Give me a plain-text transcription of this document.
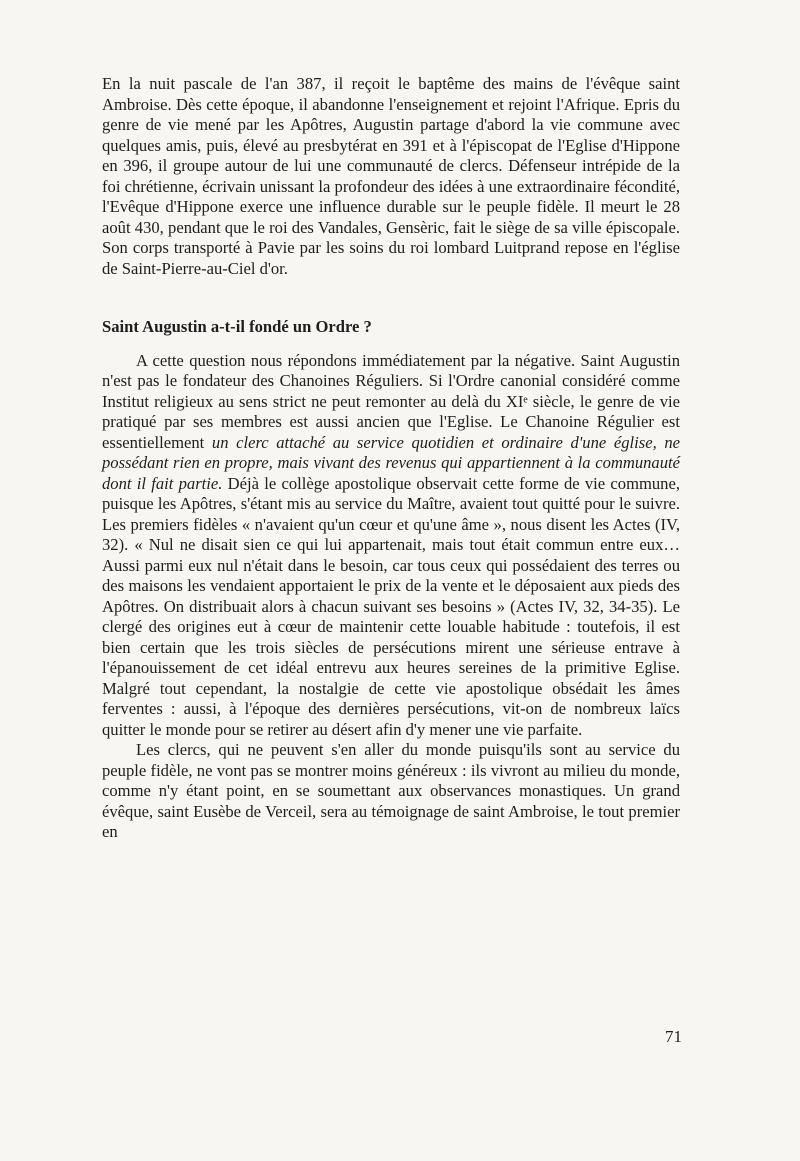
En la nuit pascale de l'an 387, il reçoit le baptême des mains de l'évêque saint Ambroise. Dès cette époque, il abandonne l'enseignement et rejoint l'Afrique. Epris du genre de vie mené par les Apôtres, Augustin partage d'abord la vie commune avec quelques amis, puis, élevé au presbytérat en 391 et à l'épiscopat de l'Eglise d'Hippone en 396, il groupe autour de lui une communauté de clercs. Défenseur intrépide de la foi chrétienne, écrivain unissant la profondeur des idées à une extraordinaire fécondité, l'Evêque d'Hippone exerce une influence durable sur le peuple fidèle. Il meurt le 28 août 430, pendant que le roi des Vandales, Gensèric, fait le siège de sa ville épiscopale. Son corps transporté à Pavie par les soins du roi lombard Luitprand repose en l'église de Saint-Pierre-au-Ciel d'or.

Saint Augustin a-t-il fondé un Ordre ?

A cette question nous répondons immédiatement par la négative. Saint Augustin n'est pas le fondateur des Chanoines Réguliers. Si l'Ordre canonial considéré comme Institut religieux au sens strict ne peut remonter au delà du XIᵉ siècle, le genre de vie pratiqué par ses membres est aussi ancien que l'Eglise. Le Chanoine Régulier est essentiellement un clerc attaché au service quotidien et ordinaire d'une église, ne possédant rien en propre, mais vivant des revenus qui appartiennent à la communauté dont il fait partie. Déjà le collège apostolique observait cette forme de vie commune, puisque les Apôtres, s'étant mis au service du Maître, avaient tout quitté pour le suivre. Les premiers fidèles « n'avaient qu'un cœur et qu'une âme », nous disent les Actes (IV, 32). « Nul ne disait sien ce qui lui appartenait, mais tout était commun entre eux… Aussi parmi eux nul n'était dans le besoin, car tous ceux qui possédaient des terres ou des maisons les vendaient apportaient le prix de la vente et le déposaient aux pieds des Apôtres. On distribuait alors à chacun suivant ses besoins » (Actes IV, 32, 34-35). Le clergé des origines eut à cœur de maintenir cette louable habitude : toutefois, il est bien certain que les trois siècles de persécutions mirent une sérieuse entrave à l'épanouissement de cet idéal entrevu aux heures sereines de la primitive Eglise. Malgré tout cependant, la nostalgie de cette vie apostolique obsédait les âmes ferventes : aussi, à l'époque des dernières persécutions, vit-on de nombreux laïcs quitter le monde pour se retirer au désert afin d'y mener une vie parfaite.

Les clercs, qui ne peuvent s'en aller du monde puisqu'ils sont au service du peuple fidèle, ne vont pas se montrer moins généreux : ils vivront au milieu du monde, comme n'y étant point, en se soumettant aux observances monastiques. Un grand évêque, saint Eusèbe de Verceil, sera au témoignage de saint Ambroise, le tout premier en

71
